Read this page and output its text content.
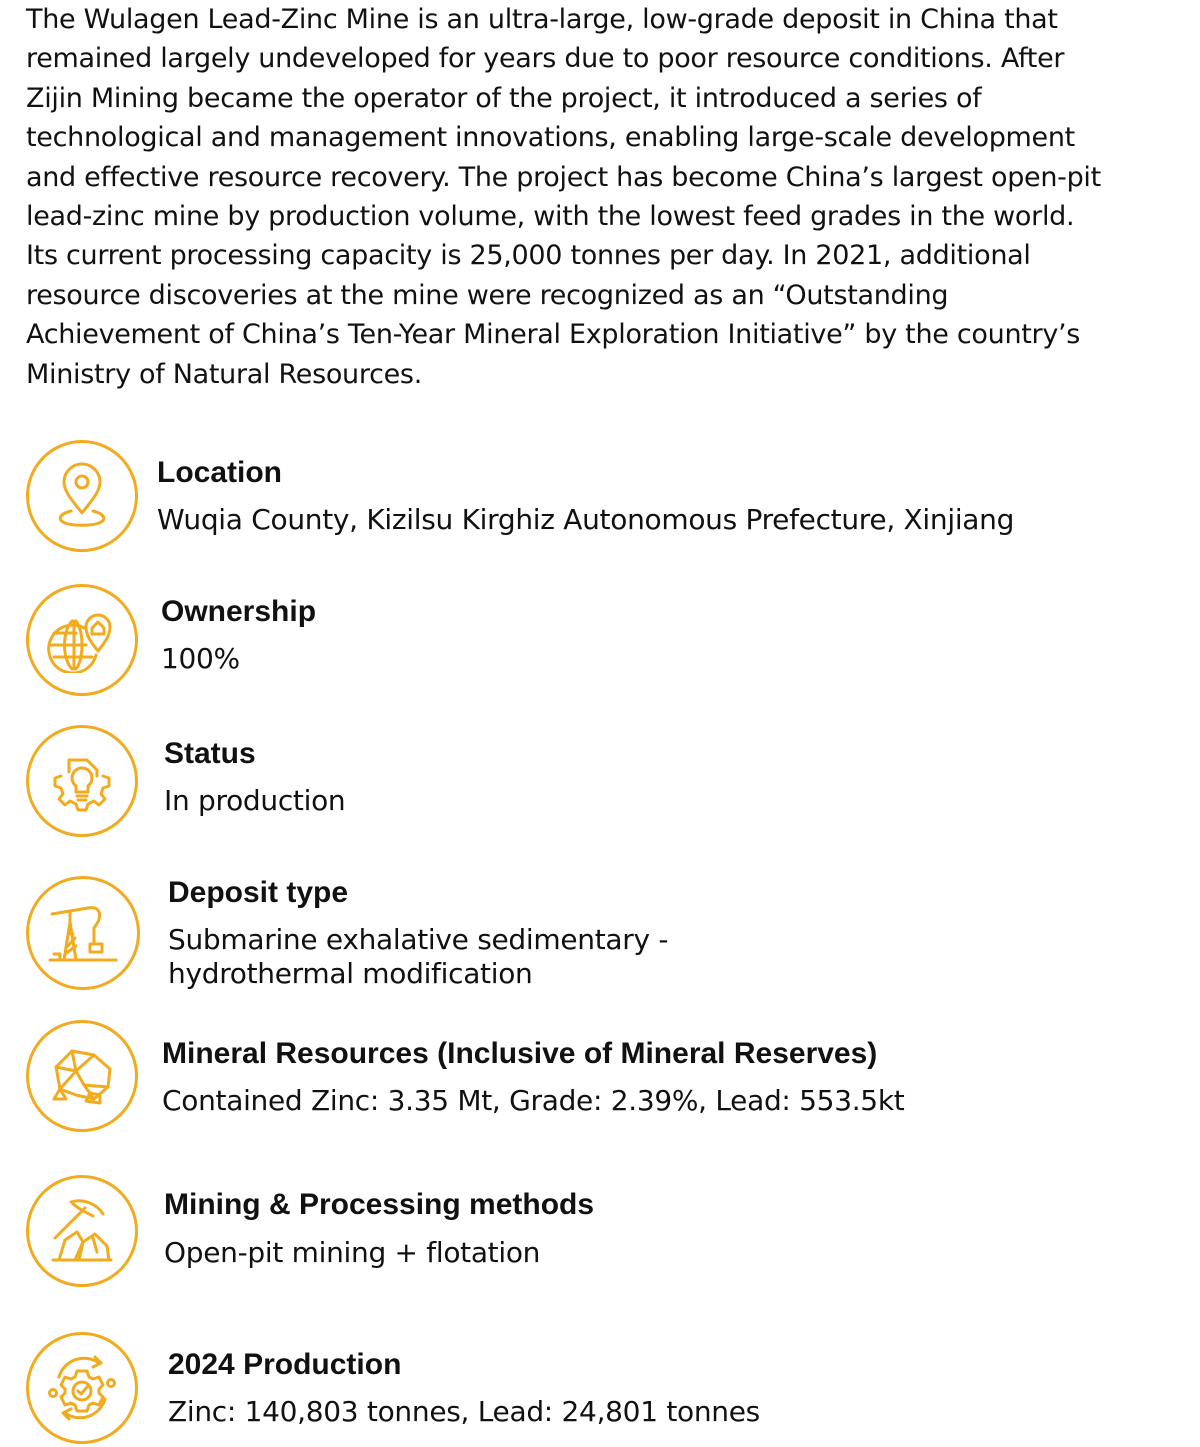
The Wulagen Lead-Zinc Mine is an ultra-large, low-grade deposit in China that
remained largely undeveloped for years due to poor resource conditions. After
Zijin Mining became the operator of the project, it introduced a series of
technological and management innovations, enabling large-scale development
and effective resource recovery. The project has become China’s largest open-pit
lead-zinc mine by production volume, with the lowest feed grades in the world.
Its current processing capacity is 25,000 tonnes per day. In 2021, additional
resource discoveries at the mine were recognized as an “Outstanding
Achievement of China’s Ten-Year Mineral Exploration Initiative” by the country’s
Ministry of Natural Resources.
Location
Wuqia County, Kizilsu Kirghiz Autonomous Prefecture, Xinjiang
Ownership
100%
Status
In production
Deposit type
Submarine exhalative sedimentary -
hydrothermal modification
Mineral Resources (Inclusive of Mineral Reserves)
Contained Zinc: 3.35 Mt, Grade: 2.39%, Lead: 553.5kt
Mining & Processing methods
Open-pit mining + flotation
2024 Production
Zinc: 140,803 tonnes, Lead: 24,801 tonnes
